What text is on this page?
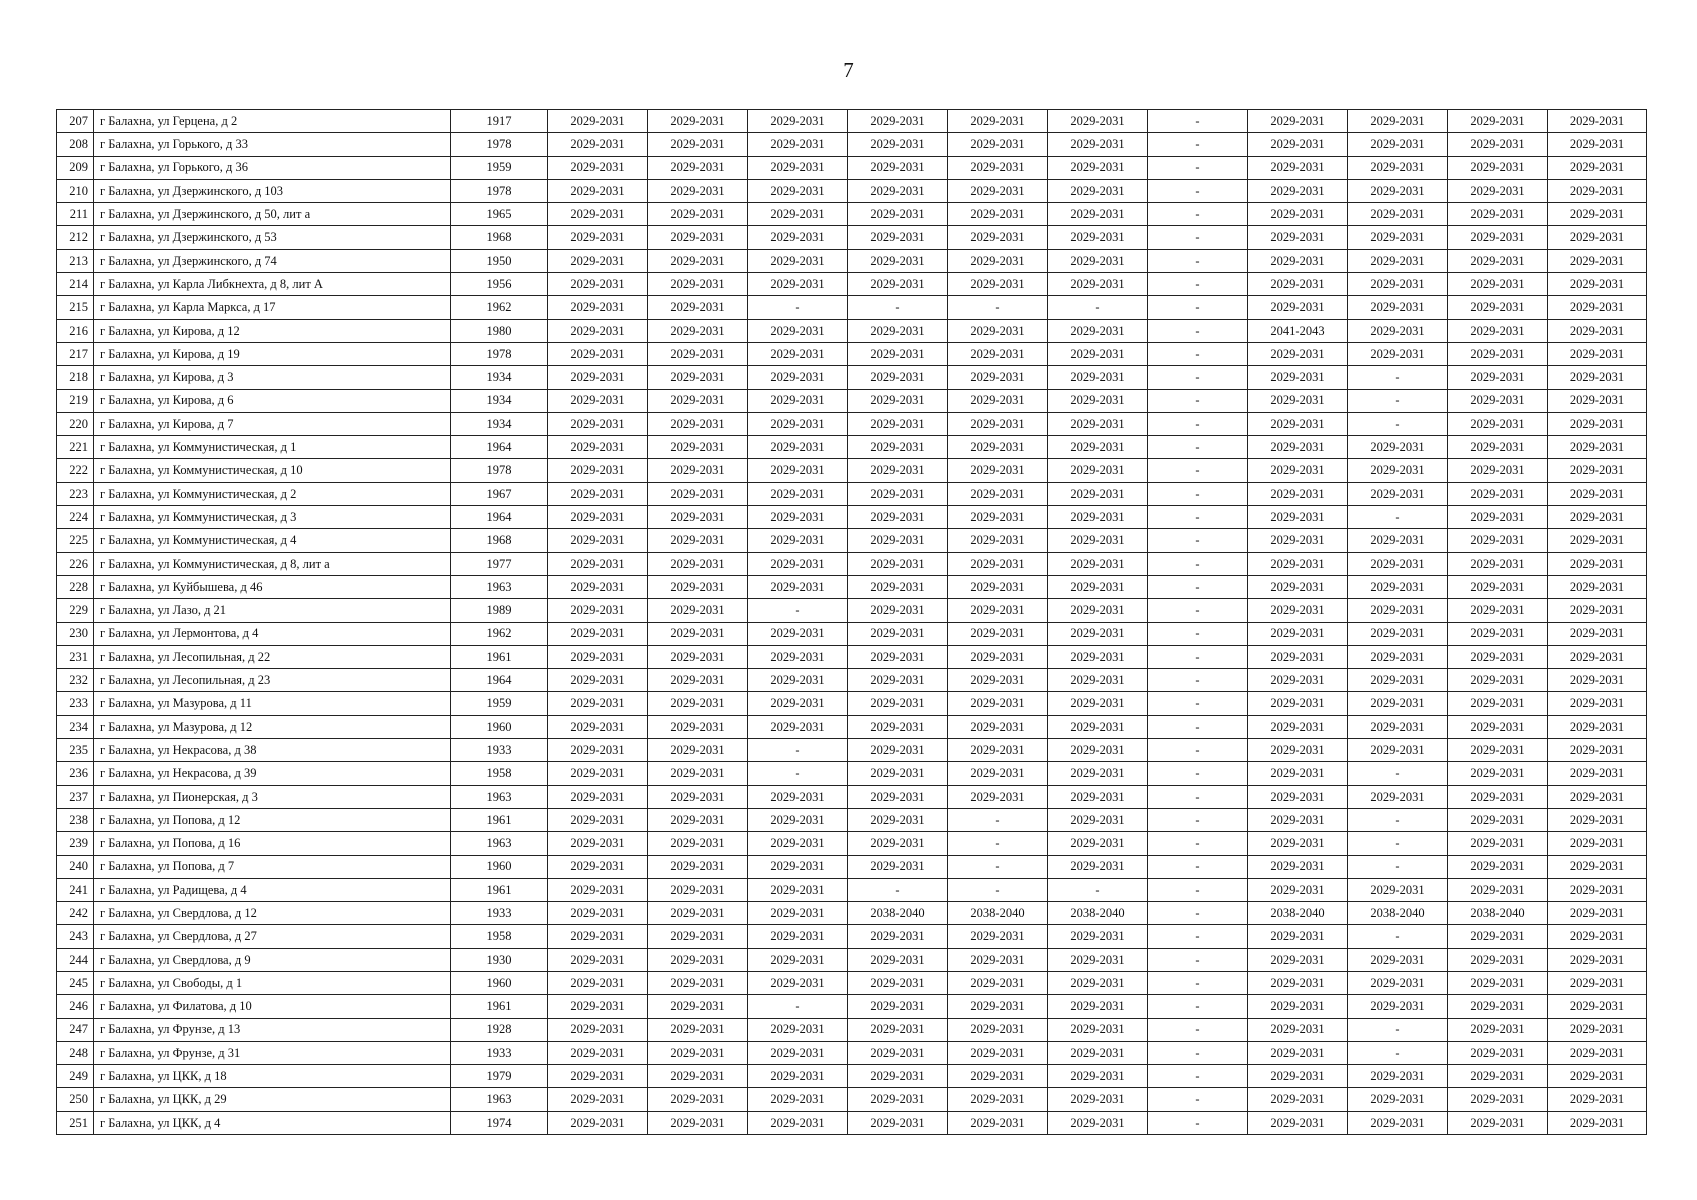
7
207	г Балахна, ул Герцена, д 2	1917	2029-2031	2029-2031	2029-2031	2029-2031	2029-2031	2029-2031	-	2029-2031	2029-2031	2029-2031	2029-2031
208	г Балахна, ул Горького, д 33	1978	2029-2031	2029-2031	2029-2031	2029-2031	2029-2031	2029-2031	-	2029-2031	2029-2031	2029-2031	2029-2031
209	г Балахна, ул Горького, д 36	1959	2029-2031	2029-2031	2029-2031	2029-2031	2029-2031	2029-2031	-	2029-2031	2029-2031	2029-2031	2029-2031
210	г Балахна, ул Дзержинского, д 103	1978	2029-2031	2029-2031	2029-2031	2029-2031	2029-2031	2029-2031	-	2029-2031	2029-2031	2029-2031	2029-2031
211	г Балахна, ул Дзержинского, д 50, лит а	1965	2029-2031	2029-2031	2029-2031	2029-2031	2029-2031	2029-2031	-	2029-2031	2029-2031	2029-2031	2029-2031
212	г Балахна, ул Дзержинского, д 53	1968	2029-2031	2029-2031	2029-2031	2029-2031	2029-2031	2029-2031	-	2029-2031	2029-2031	2029-2031	2029-2031
213	г Балахна, ул Дзержинского, д 74	1950	2029-2031	2029-2031	2029-2031	2029-2031	2029-2031	2029-2031	-	2029-2031	2029-2031	2029-2031	2029-2031
214	г Балахна, ул Карла Либкнехта, д 8, лит А	1956	2029-2031	2029-2031	2029-2031	2029-2031	2029-2031	2029-2031	-	2029-2031	2029-2031	2029-2031	2029-2031
215	г Балахна, ул Карла Маркса, д 17	1962	2029-2031	2029-2031	-	-	-	-	-	2029-2031	2029-2031	2029-2031	2029-2031
216	г Балахна, ул Кирова, д 12	1980	2029-2031	2029-2031	2029-2031	2029-2031	2029-2031	2029-2031	-	2041-2043	2029-2031	2029-2031	2029-2031
217	г Балахна, ул Кирова, д 19	1978	2029-2031	2029-2031	2029-2031	2029-2031	2029-2031	2029-2031	-	2029-2031	2029-2031	2029-2031	2029-2031
218	г Балахна, ул Кирова, д 3	1934	2029-2031	2029-2031	2029-2031	2029-2031	2029-2031	2029-2031	-	2029-2031	-	2029-2031	2029-2031
219	г Балахна, ул Кирова, д 6	1934	2029-2031	2029-2031	2029-2031	2029-2031	2029-2031	2029-2031	-	2029-2031	-	2029-2031	2029-2031
220	г Балахна, ул Кирова, д 7	1934	2029-2031	2029-2031	2029-2031	2029-2031	2029-2031	2029-2031	-	2029-2031	-	2029-2031	2029-2031
221	г Балахна, ул Коммунистическая, д 1	1964	2029-2031	2029-2031	2029-2031	2029-2031	2029-2031	2029-2031	-	2029-2031	2029-2031	2029-2031	2029-2031
222	г Балахна, ул Коммунистическая, д 10	1978	2029-2031	2029-2031	2029-2031	2029-2031	2029-2031	2029-2031	-	2029-2031	2029-2031	2029-2031	2029-2031
223	г Балахна, ул Коммунистическая, д 2	1967	2029-2031	2029-2031	2029-2031	2029-2031	2029-2031	2029-2031	-	2029-2031	2029-2031	2029-2031	2029-2031
224	г Балахна, ул Коммунистическая, д 3	1964	2029-2031	2029-2031	2029-2031	2029-2031	2029-2031	2029-2031	-	2029-2031	-	2029-2031	2029-2031
225	г Балахна, ул Коммунистическая, д 4	1968	2029-2031	2029-2031	2029-2031	2029-2031	2029-2031	2029-2031	-	2029-2031	2029-2031	2029-2031	2029-2031
226	г Балахна, ул Коммунистическая, д 8, лит а	1977	2029-2031	2029-2031	2029-2031	2029-2031	2029-2031	2029-2031	-	2029-2031	2029-2031	2029-2031	2029-2031
228	г Балахна, ул Куйбышева, д 46	1963	2029-2031	2029-2031	2029-2031	2029-2031	2029-2031	2029-2031	-	2029-2031	2029-2031	2029-2031	2029-2031
229	г Балахна, ул Лазо, д 21	1989	2029-2031	2029-2031	-	2029-2031	2029-2031	2029-2031	-	2029-2031	2029-2031	2029-2031	2029-2031
230	г Балахна, ул Лермонтова, д 4	1962	2029-2031	2029-2031	2029-2031	2029-2031	2029-2031	2029-2031	-	2029-2031	2029-2031	2029-2031	2029-2031
231	г Балахна, ул Лесопильная, д 22	1961	2029-2031	2029-2031	2029-2031	2029-2031	2029-2031	2029-2031	-	2029-2031	2029-2031	2029-2031	2029-2031
232	г Балахна, ул Лесопильная, д 23	1964	2029-2031	2029-2031	2029-2031	2029-2031	2029-2031	2029-2031	-	2029-2031	2029-2031	2029-2031	2029-2031
233	г Балахна, ул Мазурова, д 11	1959	2029-2031	2029-2031	2029-2031	2029-2031	2029-2031	2029-2031	-	2029-2031	2029-2031	2029-2031	2029-2031
234	г Балахна, ул Мазурова, д 12	1960	2029-2031	2029-2031	2029-2031	2029-2031	2029-2031	2029-2031	-	2029-2031	2029-2031	2029-2031	2029-2031
235	г Балахна, ул Некрасова, д 38	1933	2029-2031	2029-2031	-	2029-2031	2029-2031	2029-2031	-	2029-2031	2029-2031	2029-2031	2029-2031
236	г Балахна, ул Некрасова, д 39	1958	2029-2031	2029-2031	-	2029-2031	2029-2031	2029-2031	-	2029-2031	-	2029-2031	2029-2031
237	г Балахна, ул Пионерская, д 3	1963	2029-2031	2029-2031	2029-2031	2029-2031	2029-2031	2029-2031	-	2029-2031	2029-2031	2029-2031	2029-2031
238	г Балахна, ул Попова, д 12	1961	2029-2031	2029-2031	2029-2031	2029-2031	-	2029-2031	-	2029-2031	-	2029-2031	2029-2031
239	г Балахна, ул Попова, д 16	1963	2029-2031	2029-2031	2029-2031	2029-2031	-	2029-2031	-	2029-2031	-	2029-2031	2029-2031
240	г Балахна, ул Попова, д 7	1960	2029-2031	2029-2031	2029-2031	2029-2031	-	2029-2031	-	2029-2031	-	2029-2031	2029-2031
241	г Балахна, ул Радищева, д 4	1961	2029-2031	2029-2031	2029-2031	-	-	-	-	2029-2031	2029-2031	2029-2031	2029-2031
242	г Балахна, ул Свердлова, д 12	1933	2029-2031	2029-2031	2029-2031	2038-2040	2038-2040	2038-2040	-	2038-2040	2038-2040	2038-2040	2029-2031
243	г Балахна, ул Свердлова, д 27	1958	2029-2031	2029-2031	2029-2031	2029-2031	2029-2031	2029-2031	-	2029-2031	-	2029-2031	2029-2031
244	г Балахна, ул Свердлова, д 9	1930	2029-2031	2029-2031	2029-2031	2029-2031	2029-2031	2029-2031	-	2029-2031	2029-2031	2029-2031	2029-2031
245	г Балахна, ул Свободы, д 1	1960	2029-2031	2029-2031	2029-2031	2029-2031	2029-2031	2029-2031	-	2029-2031	2029-2031	2029-2031	2029-2031
246	г Балахна, ул Филатова, д 10	1961	2029-2031	2029-2031	-	2029-2031	2029-2031	2029-2031	-	2029-2031	2029-2031	2029-2031	2029-2031
247	г Балахна, ул Фрунзе, д 13	1928	2029-2031	2029-2031	2029-2031	2029-2031	2029-2031	2029-2031	-	2029-2031	-	2029-2031	2029-2031
248	г Балахна, ул Фрунзе, д 31	1933	2029-2031	2029-2031	2029-2031	2029-2031	2029-2031	2029-2031	-	2029-2031	-	2029-2031	2029-2031
249	г Балахна, ул ЦКК, д 18	1979	2029-2031	2029-2031	2029-2031	2029-2031	2029-2031	2029-2031	-	2029-2031	2029-2031	2029-2031	2029-2031
250	г Балахна, ул ЦКК, д 29	1963	2029-2031	2029-2031	2029-2031	2029-2031	2029-2031	2029-2031	-	2029-2031	2029-2031	2029-2031	2029-2031
251	г Балахна, ул ЦКК, д 4	1974	2029-2031	2029-2031	2029-2031	2029-2031	2029-2031	2029-2031	-	2029-2031	2029-2031	2029-2031	2029-2031
